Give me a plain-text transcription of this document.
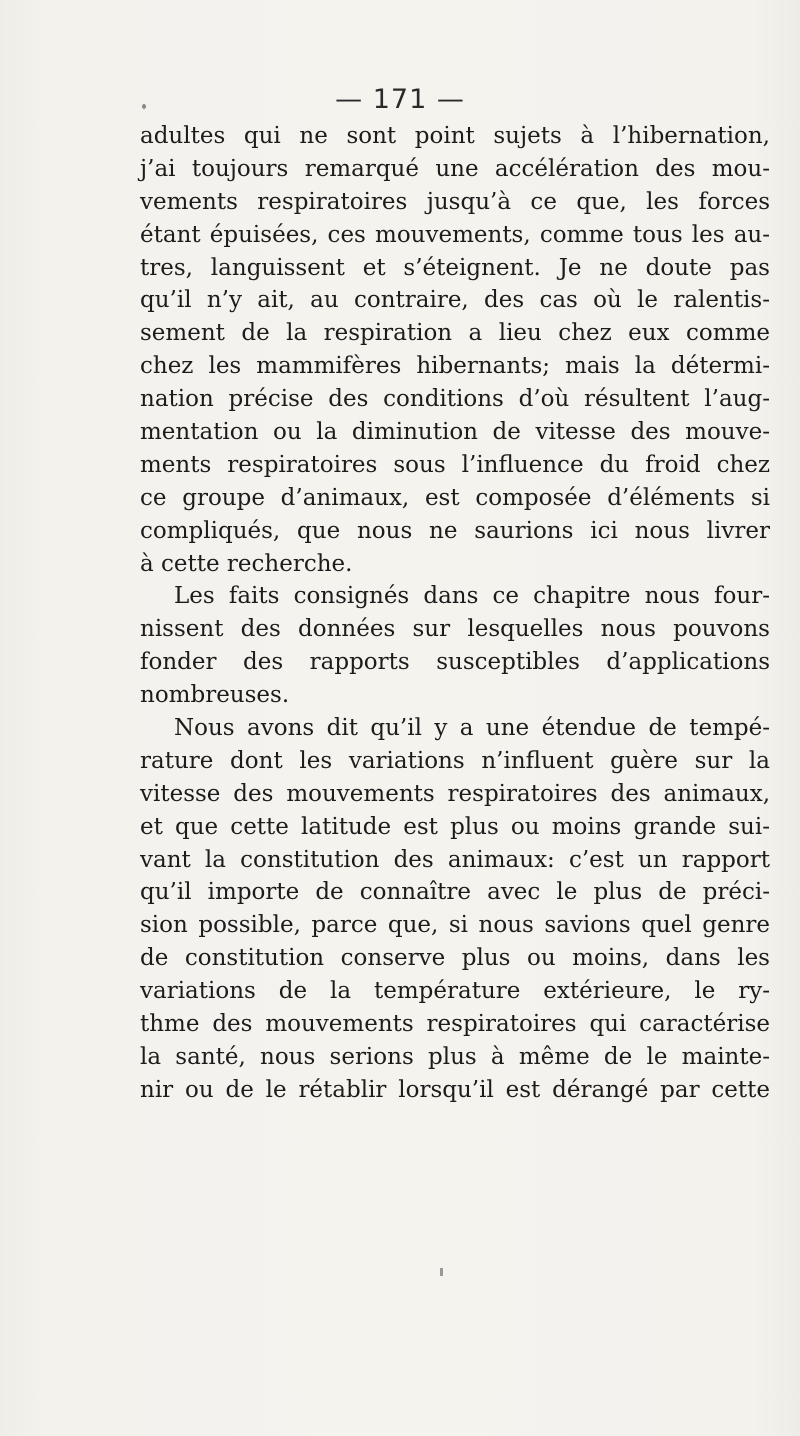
— 171 —
adultes qui ne sont point sujets à l’hibernation,
j’ai toujours remarqué une accélération des mou-
vements respiratoires jusqu’à ce que, les forces
étant épuisées, ces mouvements, comme tous les au-
tres, languissent et s’éteignent. Je ne doute pas
qu’il n’y ait, au contraire, des cas où le ralentis-
sement de la respiration a lieu chez eux comme
chez les mammifères hibernants; mais la détermi-
nation précise des conditions d’où résultent l’aug-
mentation ou la diminution de vitesse des mouve-
ments respiratoires sous l’influence du froid chez
ce groupe d’animaux, est composée d’éléments si
compliqués, que nous ne saurions ici nous livrer
à cette recherche.
Les faits consignés dans ce chapitre nous four-
nissent des données sur lesquelles nous pouvons
fonder des rapports susceptibles d’applications
nombreuses.
Nous avons dit qu’il y a une étendue de tempé-
rature dont les variations n’influent guère sur la
vitesse des mouvements respiratoires des animaux,
et que cette latitude est plus ou moins grande sui-
vant la constitution des animaux: c’est un rapport
qu’il importe de connaître avec le plus de préci-
sion possible, parce que, si nous savions quel genre
de constitution conserve plus ou moins, dans les
variations de la température extérieure, le ry-
thme des mouvements respiratoires qui caractérise
la santé, nous serions plus à même de le mainte-
nir ou de le rétablir lorsqu’il est dérangé par cette
